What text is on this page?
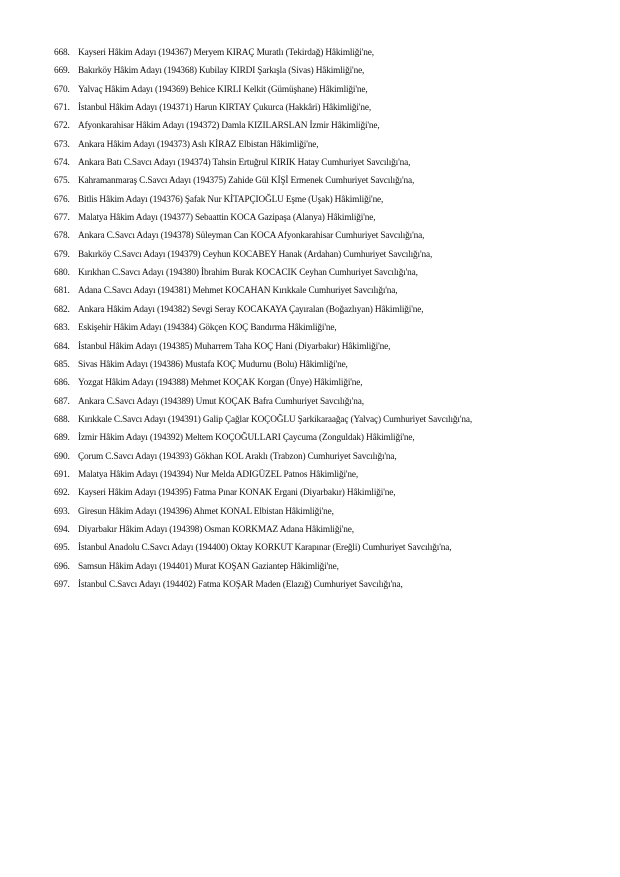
668. Kayseri Hâkim Adayı (194367) Meryem KIRAÇ Muratlı (Tekirdağ) Hâkimliği'ne,
669. Bakırköy Hâkim Adayı (194368) Kubilay KIRDI Şarkışla (Sivas) Hâkimliği'ne,
670. Yalvaç Hâkim Adayı (194369) Behice KIRLI Kelkit (Gümüşhane) Hâkimliği'ne,
671. İstanbul Hâkim Adayı (194371) Harun KIRTAY Çukurca (Hakkâri) Hâkimliği'ne,
672. Afyonkarahisar Hâkim Adayı (194372) Damla KIZILARSLAN İzmir Hâkimliği'ne,
673. Ankara Hâkim Adayı (194373) Aslı KİRAZ Elbistan Hâkimliği'ne,
674. Ankara Batı C.Savcı Adayı (194374) Tahsin Ertuğrul KIRIK Hatay Cumhuriyet Savcılığı'na,
675. Kahramanmaraş C.Savcı Adayı (194375) Zahide Gül KİŞİ Ermenek Cumhuriyet Savcılığı'na,
676. Bitlis Hâkim Adayı (194376) Şafak Nur KİTAPÇIOĞLU Eşme (Uşak) Hâkimliği'ne,
677. Malatya Hâkim Adayı (194377) Sebaattin KOCA Gazipaşa (Alanya) Hâkimliği'ne,
678. Ankara C.Savcı Adayı (194378) Süleyman Can KOCA Afyonkarahisar Cumhuriyet Savcılığı'na,
679. Bakırköy C.Savcı Adayı (194379) Ceyhun KOCABEY Hanak (Ardahan) Cumhuriyet Savcılığı'na,
680. Kırıkhan C.Savcı Adayı (194380) İbrahim Burak KOCACIK Ceyhan Cumhuriyet Savcılığı'na,
681. Adana C.Savcı Adayı (194381) Mehmet KOCAHAN Kırıkkale Cumhuriyet Savcılığı'na,
682. Ankara Hâkim Adayı (194382) Sevgi Seray KOCAKAYA Çayıralan (Boğazlıyan) Hâkimliği'ne,
683. Eskişehir Hâkim Adayı (194384) Gökçen KOÇ Bandırma Hâkimliği'ne,
684. İstanbul Hâkim Adayı (194385) Muharrem Taha KOÇ Hani (Diyarbakır) Hâkimliği'ne,
685. Sivas Hâkim Adayı (194386) Mustafa KOÇ Mudurnu (Bolu) Hâkimliği'ne,
686. Yozgat Hâkim Adayı (194388) Mehmet KOÇAK Korgan (Ünye) Hâkimliği'ne,
687. Ankara C.Savcı Adayı (194389) Umut KOÇAK Bafra Cumhuriyet Savcılığı'na,
688. Kırıkkale C.Savcı Adayı (194391) Galip Çağlar KOÇOĞLU Şarkikaraağaç (Yalvaç) Cumhuriyet Savcılığı'na,
689. İzmir Hâkim Adayı (194392) Meltem KOÇOĞULLARI Çaycuma (Zonguldak) Hâkimliği'ne,
690. Çorum C.Savcı Adayı (194393) Gökhan KOL Araklı (Trabzon) Cumhuriyet Savcılığı'na,
691. Malatya Hâkim Adayı (194394) Nur Melda ADIGÜZEL Patnos Hâkimliği'ne,
692. Kayseri Hâkim Adayı (194395) Fatma Pınar KONAK Ergani (Diyarbakır) Hâkimliği'ne,
693. Giresun Hâkim Adayı (194396) Ahmet KONAL Elbistan Hâkimliği'ne,
694. Diyarbakır Hâkim Adayı (194398) Osman KORKMAZ Adana Hâkimliği'ne,
695. İstanbul Anadolu C.Savcı Adayı (194400) Oktay KORKUT Karapınar (Ereğli) Cumhuriyet Savcılığı'na,
696. Samsun Hâkim Adayı (194401) Murat KOŞAN Gaziantep Hâkimliği'ne,
697. İstanbul C.Savcı Adayı (194402) Fatma KOŞAR Maden (Elazığ) Cumhuriyet Savcılığı'na,
